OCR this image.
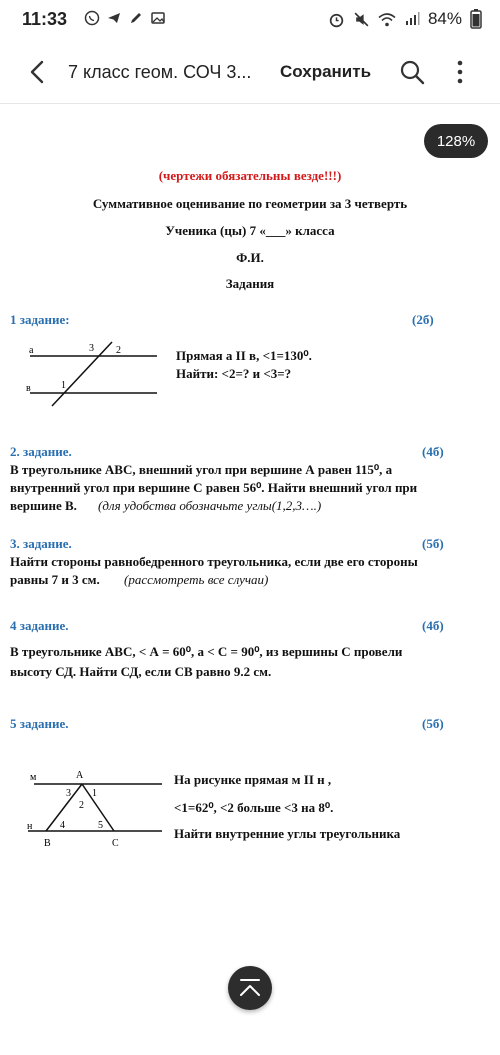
11:33	84%
7 класс геом. СОЧ 3... Сохранить
(чертежи обязательны везде!!!)
Суммативное оценивание по геометрии за 3 четверть
Ученика (цы) 7 «___» класса
Ф.И.
Задания
1 задание:	(2б)
а
в
3 2
1
Прямая а II в, <1=130⁰.
Найти: <2=? и <3=?
2. задание.	(4б)
В треугольнике АВС, внешний угол при вершине А равен 115⁰, а
внутренний угол при вершине С равен 56⁰. Найти внешний угол при
вершине В. (для удобства обозначьте углы(1,2,3….)
3. задание.	(5б)
Найти стороны равнобедренного треугольника, если две его стороны
равны 7 и 3 см. (рассмотреть все случаи)
4 задание.	(4б)
В треугольнике АВС, < А = 60⁰, а < С = 90⁰, из вершины С провели
высоту СД. Найти СД, если СВ равно 9.2 см.
5 задание.	(5б)
м
н
А
В	С
3 1
2
4	5
На рисунке прямая м II н ,
<1=62⁰, <2 больше <3 на 8⁰.
Найти внутренние углы треугольника
128%
